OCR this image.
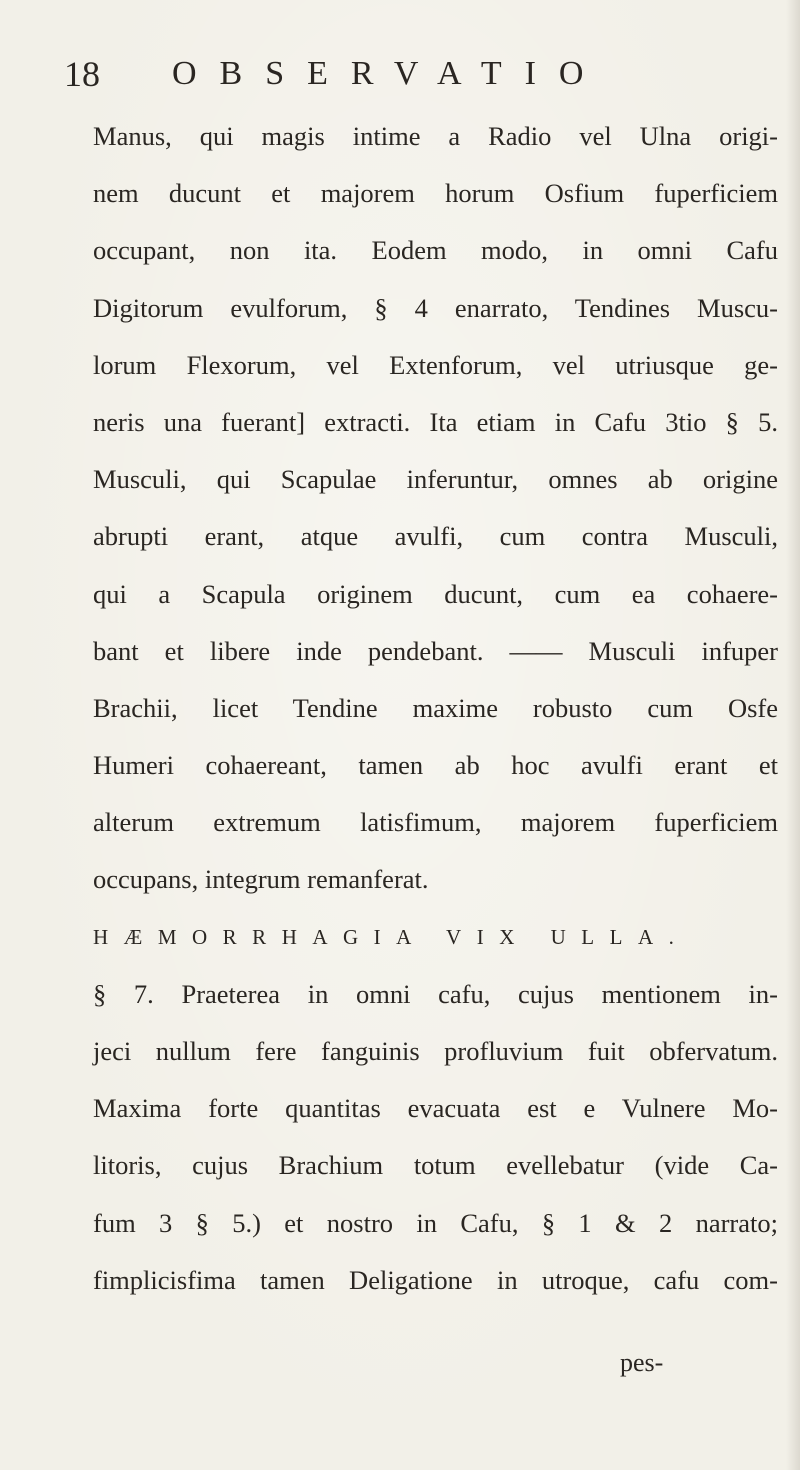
18 OBSERVATIO
Manus, qui magis intime a Radio vel Ulna origi-
nem ducunt et majorem horum Osfium fuperficiem
occupant, non ita. Eodem modo, in omni Cafu
Digitorum evulforum, § 4 enarrato, Tendines Muscu-
lorum Flexorum, vel Extenforum, vel utriusque ge-
neris una fuerant] extracti. Ita etiam in Cafu 3tio § 5.
Musculi, qui Scapulae inferuntur, omnes ab origine
abrupti erant, atque avulfi, cum contra Musculi,
qui a Scapula originem ducunt, cum ea cohaere-
bant et libere inde pendebant. —— Musculi infuper
Brachii, licet Tendine maxime robusto cum Osfe
Humeri cohaereant, tamen ab hoc avulfi erant et
alterum extremum latisfimum, majorem fuperficiem
occupans, integrum remanferat.
HÆMORRHAGIA VIX ULLA.
§ 7. Praeterea in omni cafu, cujus mentionem in-
jeci nullum fere fanguinis profluvium fuit obfervatum.
Maxima forte quantitas evacuata est e Vulnere Mo-
litoris, cujus Brachium totum evellebatur (vide Ca-
fum 3 § 5.) et nostro in Cafu, § 1 & 2 narrato;
fimplicisfima tamen Deligatione in utroque, cafu com-
pes-
